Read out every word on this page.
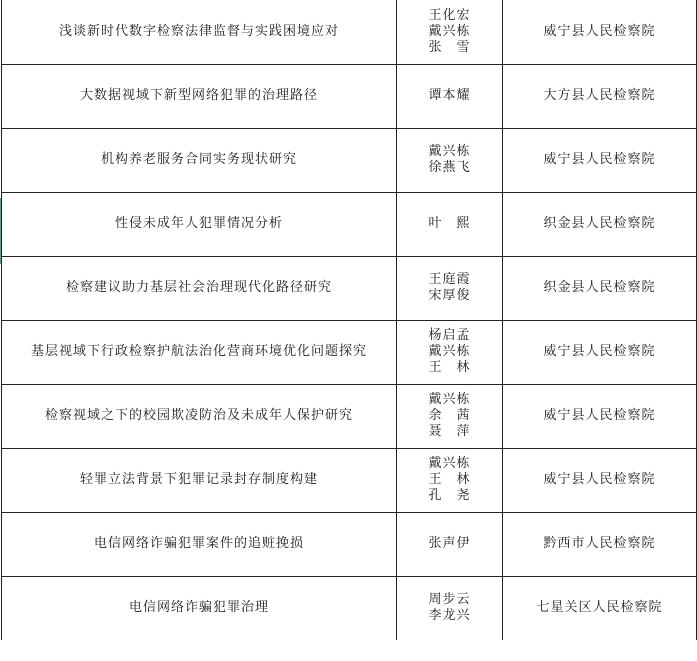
浅谈新时代数字检察法律监督与实践困境应对	王化宏
戴兴栋
张　雪	威宁县人民检察院
大数据视域下新型网络犯罪的治理路径	谭本耀	大方县人民检察院
机构养老服务合同实务现状研究	戴兴栋
徐燕飞	威宁县人民检察院
性侵未成年人犯罪情况分析	叶　熙	织金县人民检察院
检察建议助力基层社会治理现代化路径研究	王庭霞
宋厚俊	织金县人民检察院
基层视域下行政检察护航法治化营商环境优化问题探究	杨启孟
戴兴栋
王　林	威宁县人民检察院
检察视域之下的校园欺凌防治及未成年人保护研究	戴兴栋
余　茜
聂　萍	威宁县人民检察院
轻罪立法背景下犯罪记录封存制度构建	戴兴栋
王　林
孔　尧	威宁县人民检察院
电信网络诈骗犯罪案件的追赃挽损	张声伊	黔西市人民检察院
电信网络诈骗犯罪治理	周步云
李龙兴	七星关区人民检察院
